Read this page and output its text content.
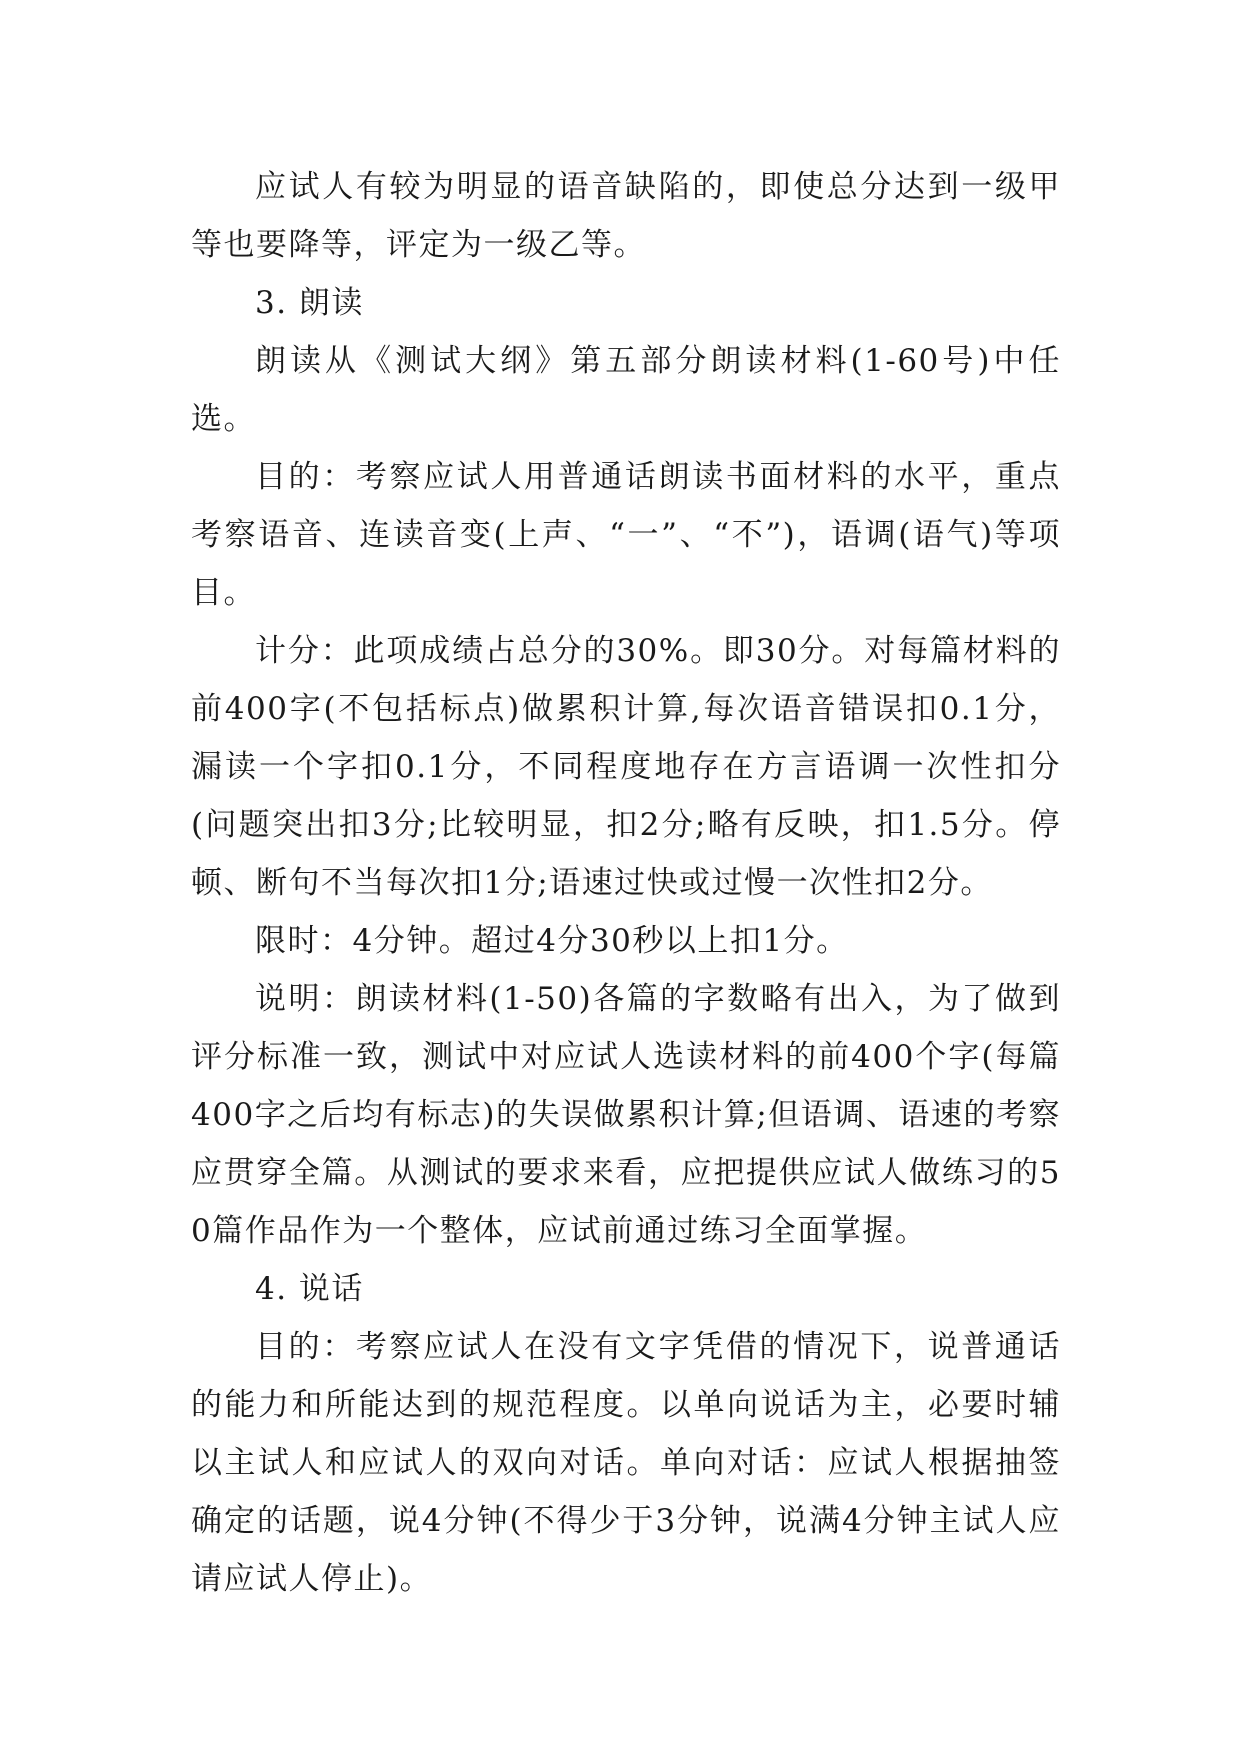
应试人有较为明显的语音缺陷的，即使总分达到一级甲等也要降等，评定为一级乙等。

3. 朗读

朗读从《测试大纲》第五部分朗读材料(1-60号)中任选。

目的：考察应试人用普通话朗读书面材料的水平，重点考察语音、连读音变(上声、“一”、“不”)，语调(语气)等项目。

计分：此项成绩占总分的30%。即30分。对每篇材料的前400字(不包括标点)做累积计算,每次语音错误扣0.1分，漏读一个字扣0.1分，不同程度地存在方言语调一次性扣分(问题突出扣3分;比较明显，扣2分;略有反映，扣1.5分。停顿、断句不当每次扣1分;语速过快或过慢一次性扣2分。

限时：4分钟。超过4分30秒以上扣1分。

说明：朗读材料(1-50)各篇的字数略有出入，为了做到评分标准一致，测试中对应试人选读材料的前400个字(每篇400字之后均有标志)的失误做累积计算;但语调、语速的考察应贯穿全篇。从测试的要求来看，应把提供应试人做练习的50篇作品作为一个整体，应试前通过练习全面掌握。

4. 说话

目的：考察应试人在没有文字凭借的情况下，说普通话的能力和所能达到的规范程度。以单向说话为主，必要时辅以主试人和应试人的双向对话。单向对话：应试人根据抽签确定的话题，说4分钟(不得少于3分钟，说满4分钟主试人应请应试人停止)。
